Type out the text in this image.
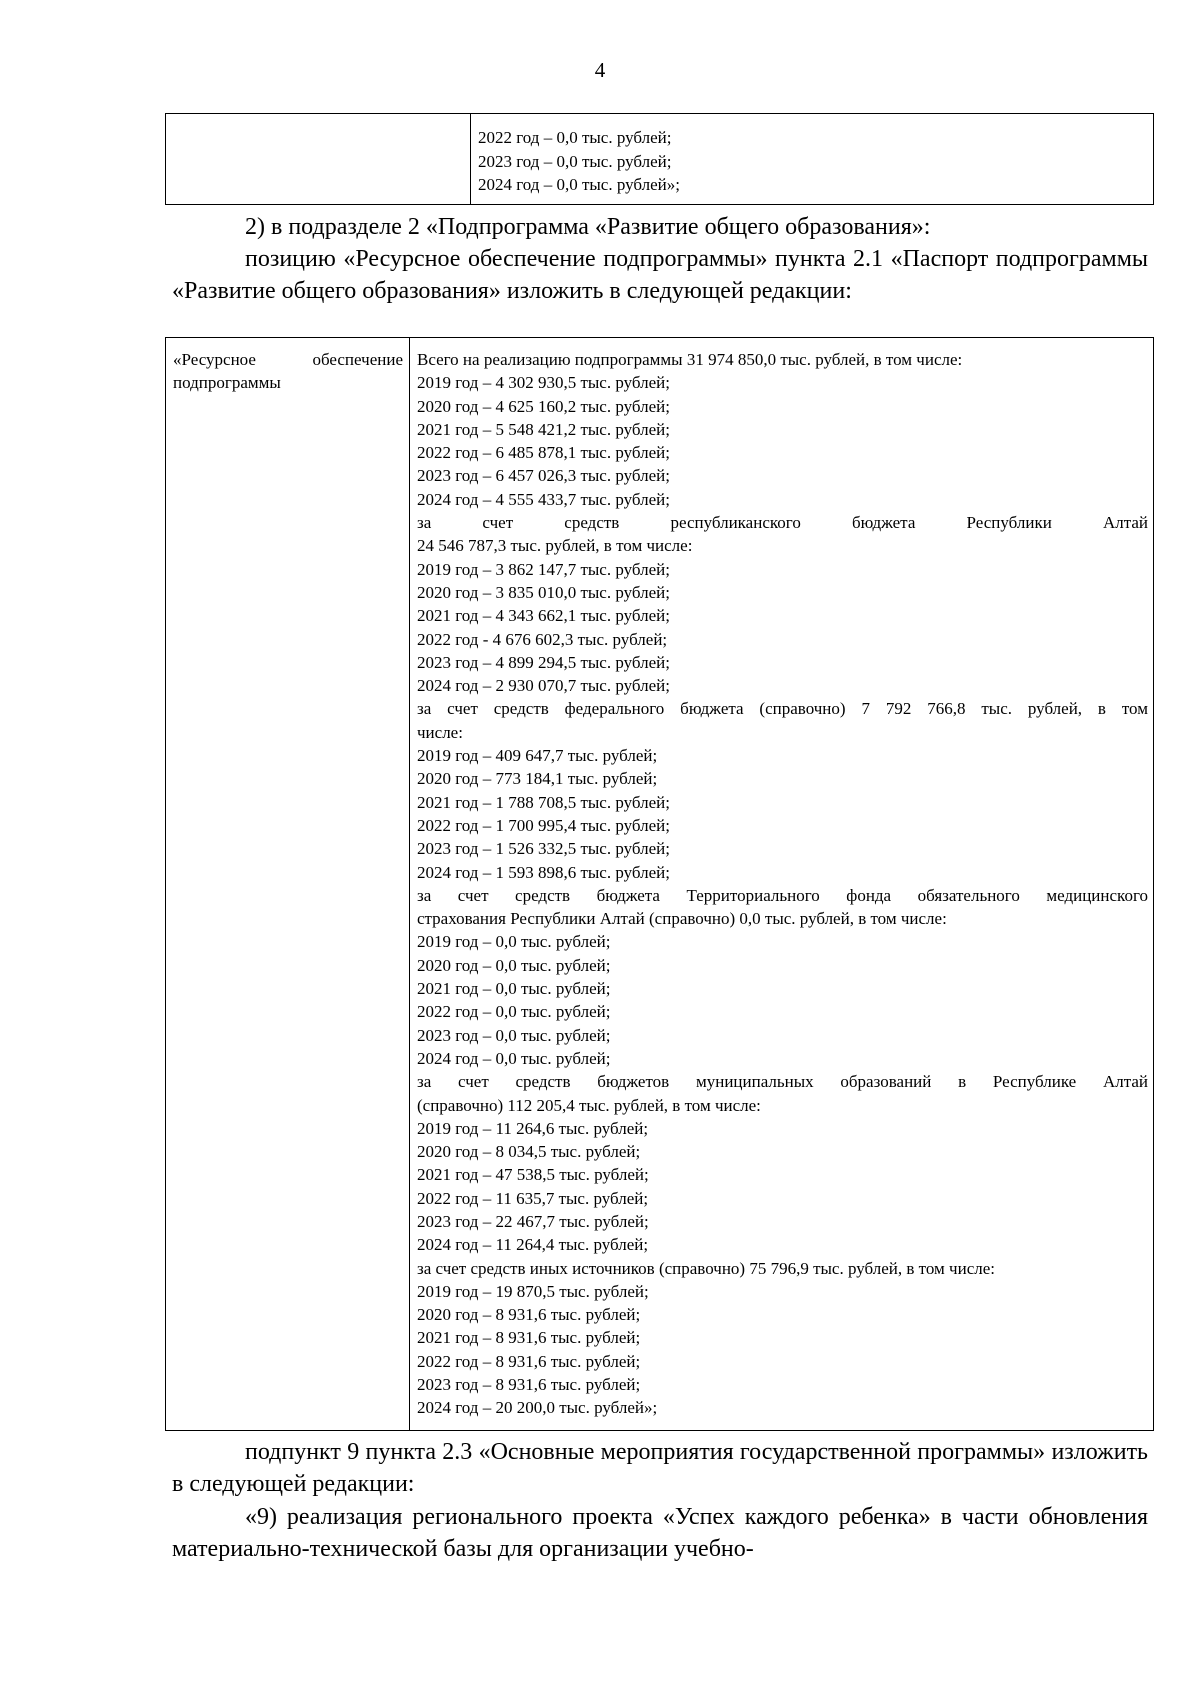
4
2022 год – 0,0 тыс. рублей;
2023 год – 0,0 тыс. рублей;
2024 год – 0,0 тыс. рублей»;
2) в подразделе 2 «Подпрограмма «Развитие общего образования»:
позицию «Ресурсное обеспечение подпрограммы» пункта 2.1 «Паспорт подпрограммы «Развитие общего образования» изложить в следующей редакции:
«Ресурсное обеспечение подпрограммы
Всего на реализацию подпрограммы 31 974 850,0 тыс. рублей, в том числе:
2019 год – 4 302 930,5 тыс. рублей;
2020 год – 4 625 160,2 тыс. рублей;
2021 год – 5 548 421,2 тыс. рублей;
2022 год – 6 485 878,1 тыс. рублей;
2023 год – 6 457 026,3 тыс. рублей;
2024 год – 4 555 433,7 тыс. рублей;
за счет средств республиканского бюджета Республики Алтай
24 546 787,3 тыс. рублей, в том числе:
2019 год – 3 862 147,7 тыс. рублей;
2020 год – 3 835 010,0 тыс. рублей;
2021 год – 4 343 662,1 тыс. рублей;
2022 год - 4 676 602,3 тыс. рублей;
2023 год – 4 899 294,5 тыс. рублей;
2024 год – 2 930 070,7 тыс. рублей;
за счет средств федерального бюджета (справочно) 7 792 766,8 тыс. рублей, в том
числе:
2019 год – 409 647,7 тыс. рублей;
2020 год – 773 184,1 тыс. рублей;
2021 год – 1 788 708,5 тыс. рублей;
2022 год – 1 700 995,4 тыс. рублей;
2023 год – 1 526 332,5 тыс. рублей;
2024 год – 1 593 898,6 тыс. рублей;
за счет средств бюджета Территориального фонда обязательного медицинского
страхования Республики Алтай (справочно) 0,0 тыс. рублей, в том числе:
2019 год – 0,0 тыс. рублей;
2020 год – 0,0 тыс. рублей;
2021 год – 0,0 тыс. рублей;
2022 год – 0,0 тыс. рублей;
2023 год – 0,0 тыс. рублей;
2024 год – 0,0 тыс. рублей;
за счет средств бюджетов муниципальных образований в Республике Алтай
(справочно) 112 205,4 тыс. рублей, в том числе:
2019 год – 11 264,6 тыс. рублей;
2020 год – 8 034,5 тыс. рублей;
2021 год – 47 538,5 тыс. рублей;
2022 год – 11 635,7 тыс. рублей;
2023 год – 22 467,7 тыс. рублей;
2024 год – 11 264,4 тыс. рублей;
за счет средств иных источников (справочно) 75 796,9 тыс. рублей, в том числе:
2019 год – 19 870,5 тыс. рублей;
2020 год – 8 931,6 тыс. рублей;
2021 год – 8 931,6 тыс. рублей;
2022 год – 8 931,6 тыс. рублей;
2023 год – 8 931,6 тыс. рублей;
2024 год – 20 200,0 тыс. рублей»;
подпункт 9 пункта 2.3 «Основные мероприятия государственной программы» изложить в следующей редакции:
«9) реализация регионального проекта «Успех каждого ребенка» в части обновления материально-технической базы для организации учебно-
